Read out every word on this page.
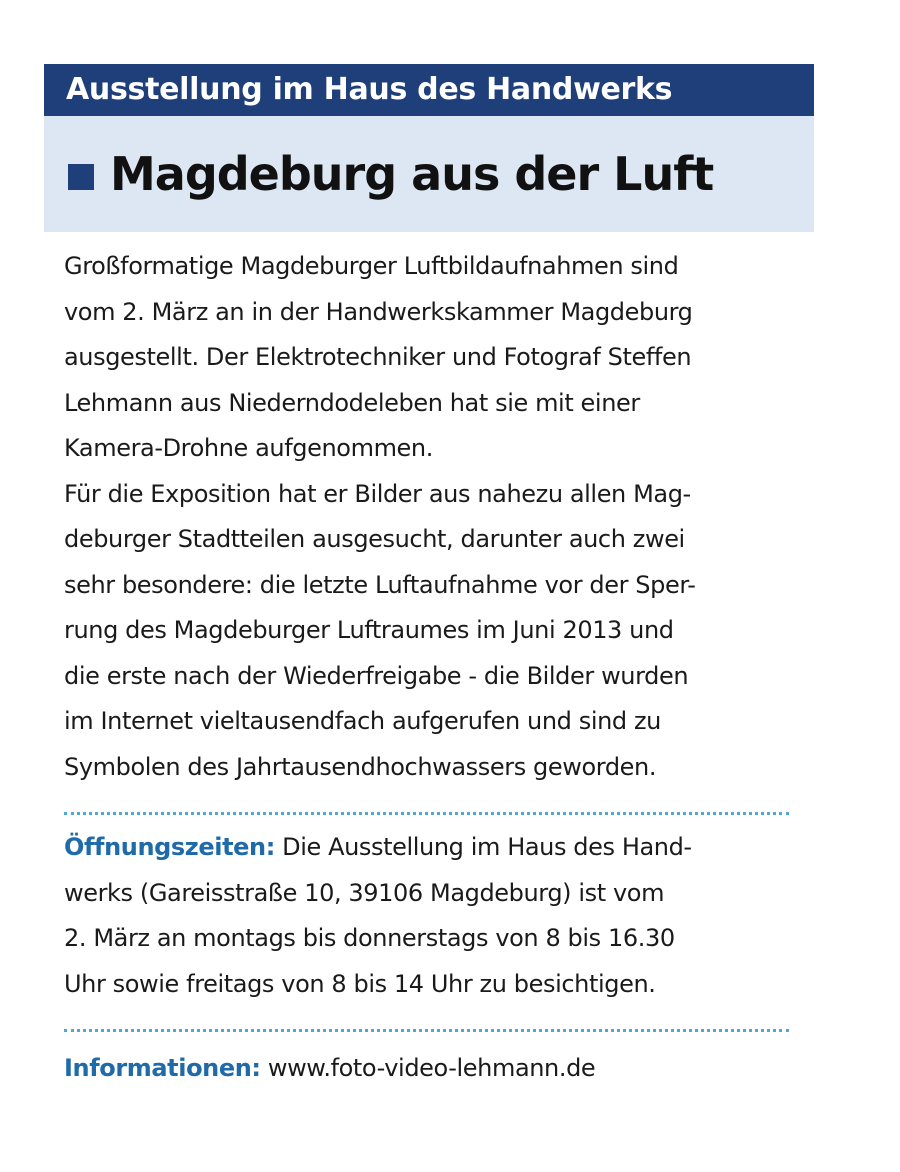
Ausstellung im Haus des Handwerks
Magdeburg aus der Luft
Großformatige Magdeburger Luftbildaufnahmen sind
vom 2. März an in der Handwerkskammer Magdeburg
ausgestellt. Der Elektrotechniker und Fotograf Steffen
Lehmann aus Niederndodeleben hat sie mit einer
Kamera-Drohne aufgenommen.
Für die Exposition hat er Bilder aus nahezu allen Mag-
deburger Stadtteilen ausgesucht, darunter auch zwei
sehr besondere: die letzte Luftaufnahme vor der Sper-
rung des Magdeburger Luftraumes im Juni 2013 und
die erste nach der Wiederfreigabe - die Bilder wurden
im Internet vieltausendfach aufgerufen und sind zu
Symbolen des Jahrtausendhochwassers geworden.
Öffnungszeiten: Die Ausstellung im Haus des Hand-
werks (Gareisstraße 10, 39106 Magdeburg) ist vom
2. März an montags bis donnerstags von 8 bis 16.30
Uhr sowie freitags von 8 bis 14 Uhr zu besichtigen.
Informationen: www.foto-video-lehmann.de
